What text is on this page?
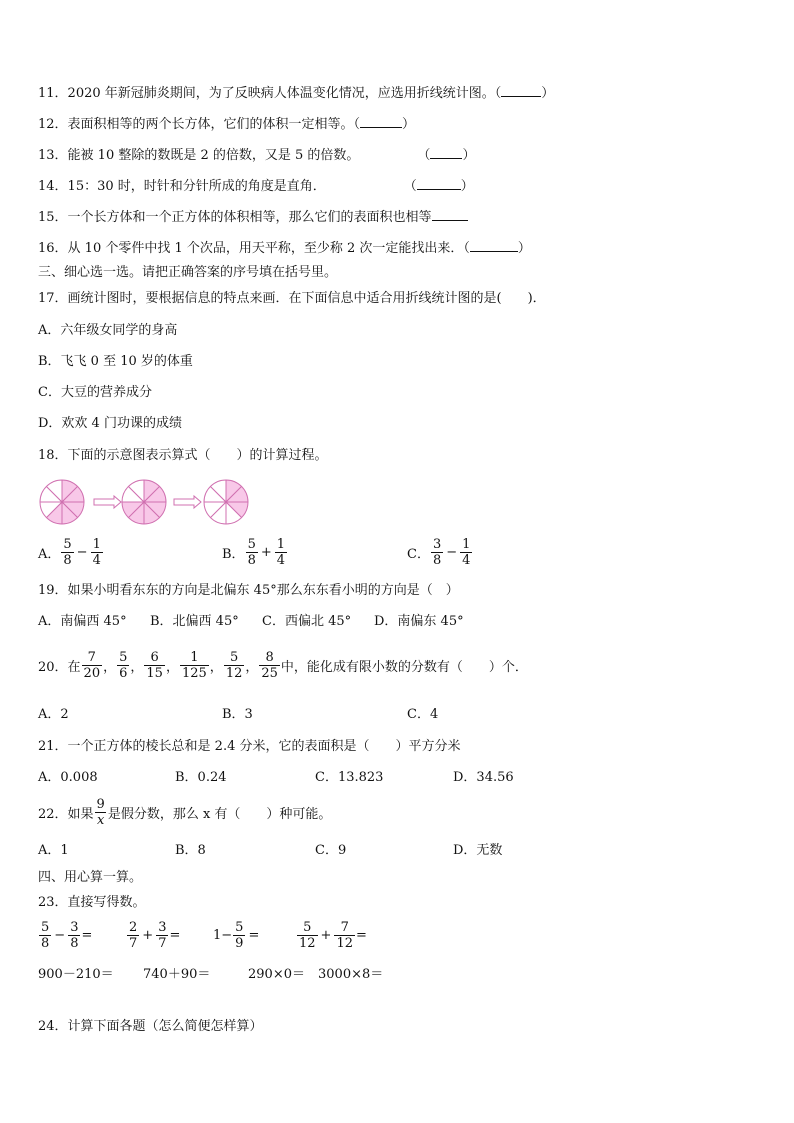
11．2020 年新冠肺炎期间，为了反映病人体温变化情况，应选用折线统计图。（	）
12．表面积相等的两个长方体，它们的体积一定相等。（	）
13．能被 10 整除的数既是 2 的倍数，又是 5 的倍数。	（ ）
14．15：30 时，时针和分针所成的角度是直角．	（	）
15．一个长方体和一个正方体的体积相等，那么它们的表面积也相等
16．从 10 个零件中找 1 个次品，用天平称，至少称 2 次一定能找出来．（	）
三、细心选一选。请把正确答案的序号填在括号里。
17．画统计图时，要根据信息的特点来画．在下面信息中适合用折线统计图的是(　　)．
A．六年级女同学的身高
B．飞飞 0 至 10 岁的体重
C．大豆的营养成分
D．欢欢 4 门功课的成绩
18．下面的示意图表示算式（　　）的计算过程。
A． $\frac{5}{8} - \frac{1}{4}$	B． $\frac{5}{8} + \frac{1}{4}$	C． $\frac{3}{8} - \frac{1}{4}$
19．如果小明看东东的方向是北偏东 45°那么东东看小明的方向是（　）
A．南偏西 45° B．北偏西 45° C．西偏北 45° D．南偏东 45°
20．在 $\frac{7}{20}$ ， $\frac{5}{6}$ ， $\frac{6}{15}$ ， $\frac{1}{125}$ ， $\frac{5}{12}$ ， $\frac{8}{25}$ 中，能化成有限小数的分数有（　　）个．
A．2	B．3	C．4
21．一个正方体的棱长总和是 2.4 分米，它的表面积是（　　）平方分米
A．0.008	B．0.24	C．13.823	D．34.56
22．如果 $\frac{9}{x}$ 是假分数，那么 x 有（　　）种可能。
A．1	B．8	C．9	D．无数
四、用心算一算。
23．直接写得数。
$\frac{5}{8} - \frac{3}{8}$ =	$\frac{2}{7} + \frac{3}{7}$ =	$1- \frac{5}{9}$ =	$\frac{5}{12} + \frac{7}{12}$ =
900－210＝ 740＋90＝	290×0＝ 3000×8＝
24．计算下面各题（怎么简便怎样算）
